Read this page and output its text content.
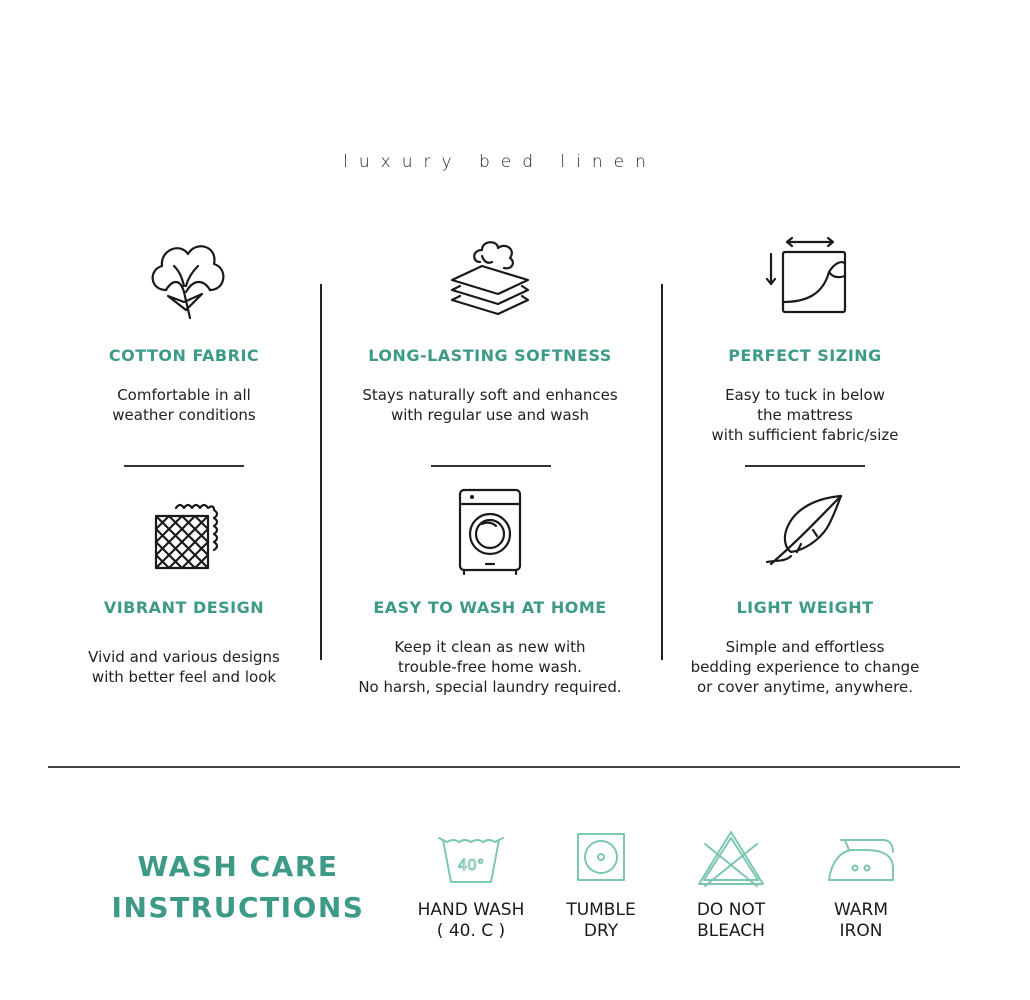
luxury bed linen
COTTON FABRIC
Comfortable in all
weather conditions
LONG-LASTING SOFTNESS
Stays naturally soft and enhances
with regular use and wash
PERFECT SIZING
Easy to tuck in below
the mattress
with sufficient fabric/size
VIBRANT DESIGN
Vivid and various designs
with better feel and look
EASY TO WASH AT HOME
Keep it clean as new with
trouble-free home wash.
No harsh, special laundry required.
LIGHT WEIGHT
Simple and effortless
bedding experience to change
or cover anytime, anywhere.
WASH CARE
INSTRUCTIONS
40°
HAND WASH
( 40. C )
TUMBLE
DRY
DO NOT
BLEACH
WARM
IRON
